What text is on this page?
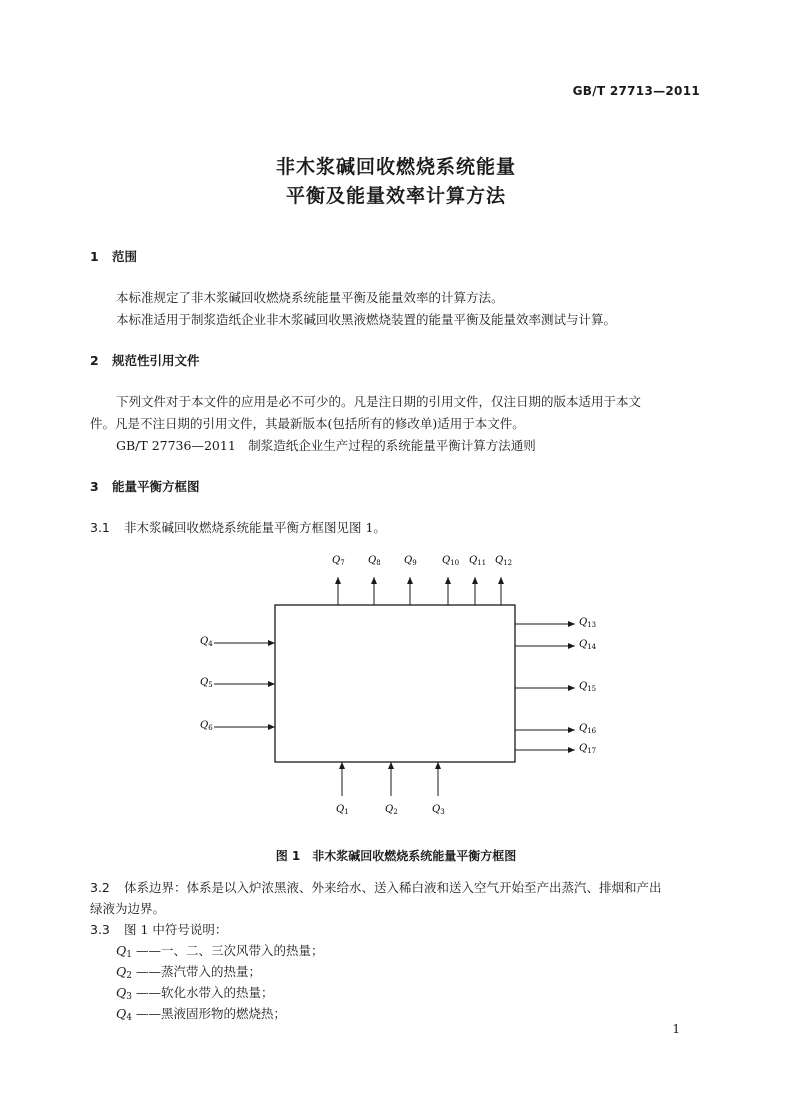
GB/T 27713—2011
非木浆碱回收燃烧系统能量
平衡及能量效率计算方法
1 范围
本标准规定了非木浆碱回收燃烧系统能量平衡及能量效率的计算方法。
本标准适用于制浆造纸企业非木浆碱回收黑液燃烧装置的能量平衡及能量效率测试与计算。
2 规范性引用文件
下列文件对于本文件的应用是必不可少的。凡是注日期的引用文件，仅注日期的版本适用于本文
件。凡是不注日期的引用文件，其最新版本(包括所有的修改单)适用于本文件。
GB/T 27736—2011　制浆造纸企业生产过程的系统能量平衡计算方法通则
3 能量平衡方框图
3.1 非木浆碱回收燃烧系统能量平衡方框图见图 1。
$Q_7$ $Q_8$ $Q_9$	$Q_{10}$ $Q_{11}$ $Q_{12}$
$Q_4$
$Q_5$
$Q_6$
$Q_{13}$
$Q_{14}$
$Q_{15}$
$Q_{16}$
$Q_{17}$
$Q_1$	$Q_2$	$Q_3$
图 1　非木浆碱回收燃烧系统能量平衡方框图
3.2 体系边界：体系是以入炉浓黑液、外来给水、送入稀白液和送入空气开始至产出蒸汽、排烟和产出
绿液为边界。
3.3 图 1 中符号说明：
Q1 ——一、二、三次风带入的热量；
Q2 ——蒸汽带入的热量；
Q3 ——软化水带入的热量；
Q4 ——黑液固形物的燃烧热；
1
